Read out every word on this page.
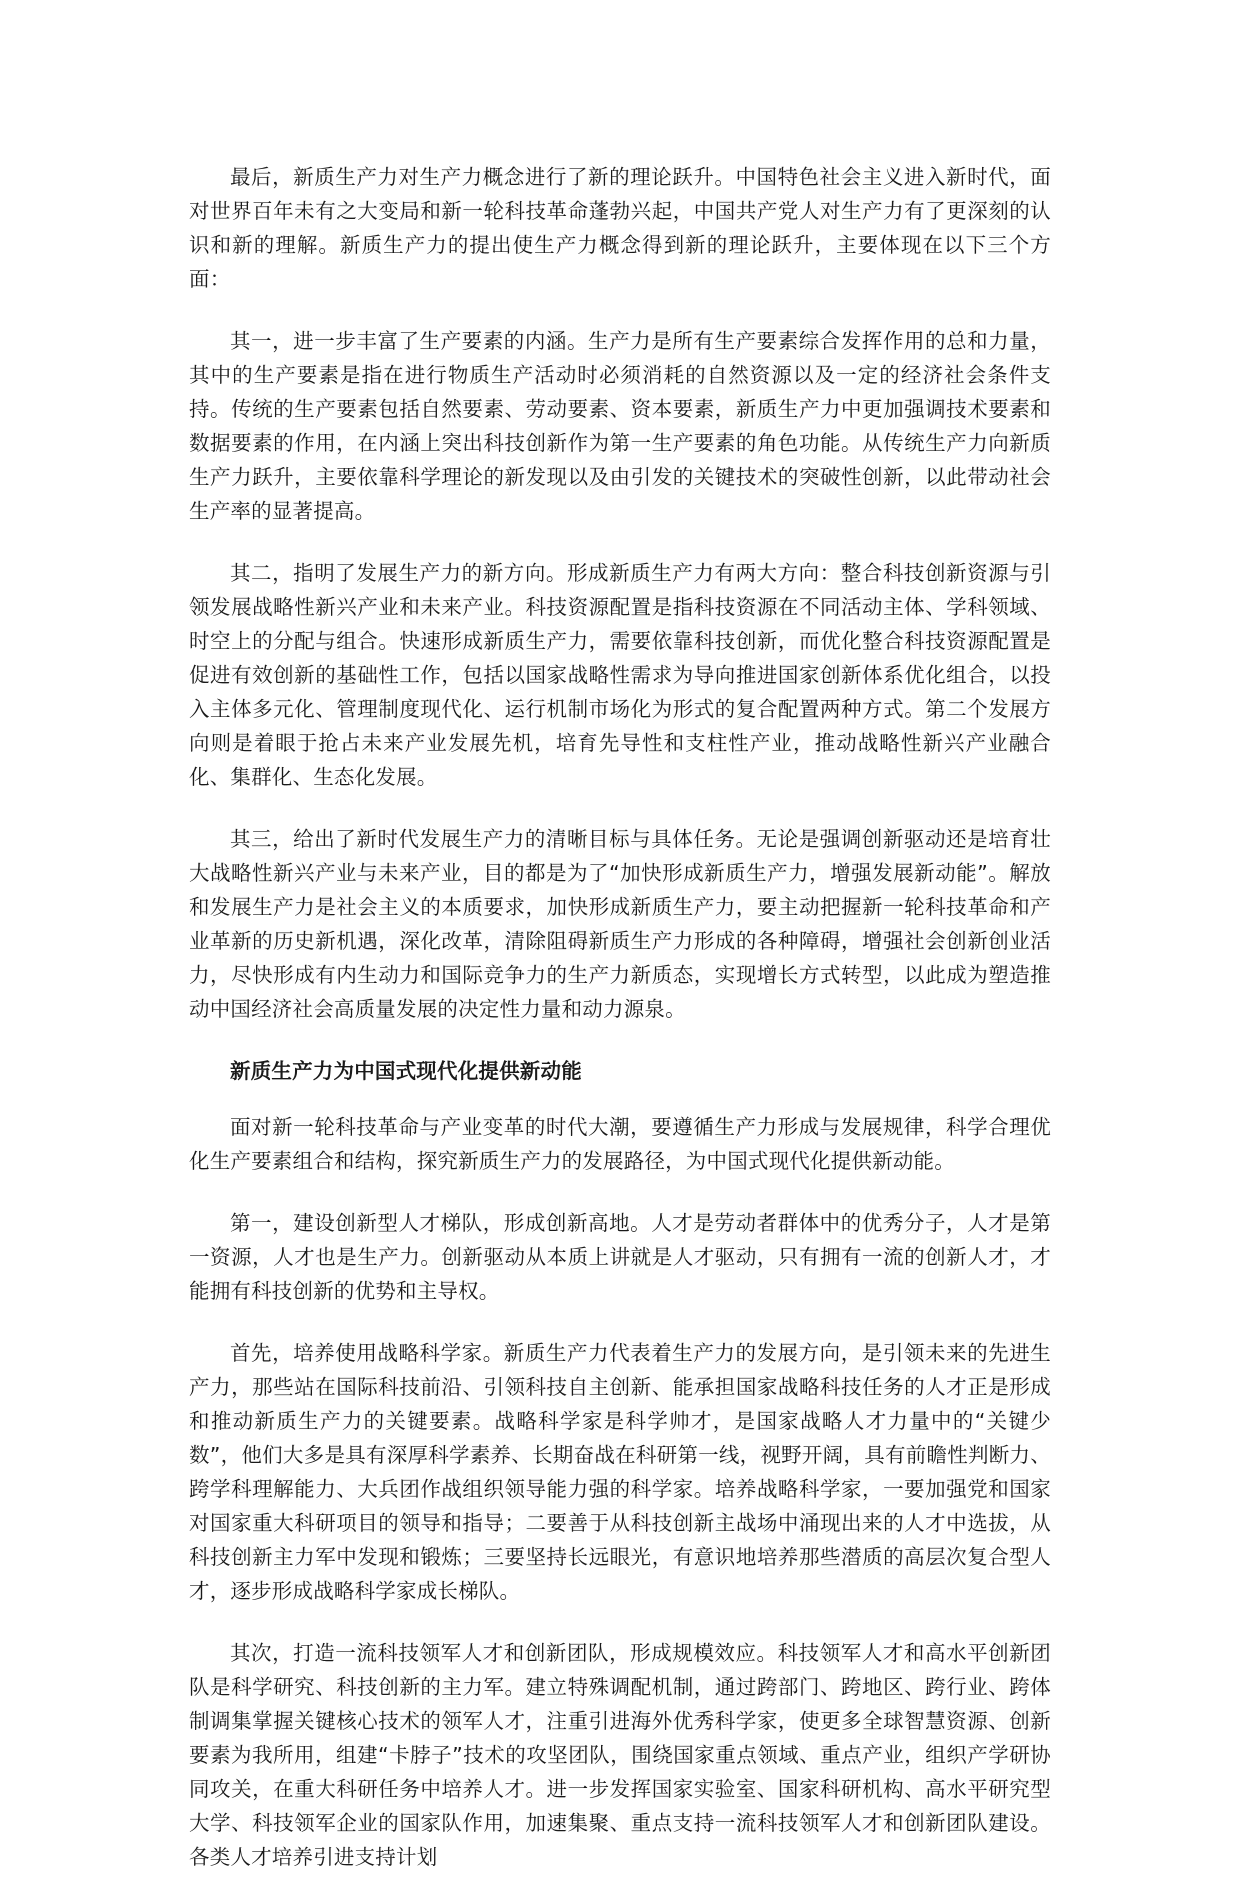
最后，新质生产力对生产力概念进行了新的理论跃升。中国特色社会主义进入新时代，面对世界百年未有之大变局和新一轮科技革命蓬勃兴起，中国共产党人对生产力有了更深刻的认识和新的理解。新质生产力的提出使生产力概念得到新的理论跃升，主要体现在以下三个方面：

其一，进一步丰富了生产要素的内涵。生产力是所有生产要素综合发挥作用的总和力量，其中的生产要素是指在进行物质生产活动时必须消耗的自然资源以及一定的经济社会条件支持。传统的生产要素包括自然要素、劳动要素、资本要素，新质生产力中更加强调技术要素和数据要素的作用，在内涵上突出科技创新作为第一生产要素的角色功能。从传统生产力向新质生产力跃升，主要依靠科学理论的新发现以及由引发的关键技术的突破性创新，以此带动社会生产率的显著提高。

其二，指明了发展生产力的新方向。形成新质生产力有两大方向：整合科技创新资源与引领发展战略性新兴产业和未来产业。科技资源配置是指科技资源在不同活动主体、学科领域、时空上的分配与组合。快速形成新质生产力，需要依靠科技创新，而优化整合科技资源配置是促进有效创新的基础性工作，包括以国家战略性需求为导向推进国家创新体系优化组合，以投入主体多元化、管理制度现代化、运行机制市场化为形式的复合配置两种方式。第二个发展方向则是着眼于抢占未来产业发展先机，培育先导性和支柱性产业，推动战略性新兴产业融合化、集群化、生态化发展。

其三，给出了新时代发展生产力的清晰目标与具体任务。无论是强调创新驱动还是培育壮大战略性新兴产业与未来产业，目的都是为了“加快形成新质生产力，增强发展新动能”。解放和发展生产力是社会主义的本质要求，加快形成新质生产力，要主动把握新一轮科技革命和产业革新的历史新机遇，深化改革，清除阻碍新质生产力形成的各种障碍，增强社会创新创业活力，尽快形成有内生动力和国际竞争力的生产力新质态，实现增长方式转型，以此成为塑造推动中国经济社会高质量发展的决定性力量和动力源泉。

新质生产力为中国式现代化提供新动能

面对新一轮科技革命与产业变革的时代大潮，要遵循生产力形成与发展规律，科学合理优化生产要素组合和结构，探究新质生产力的发展路径，为中国式现代化提供新动能。

第一，建设创新型人才梯队，形成创新高地。人才是劳动者群体中的优秀分子，人才是第一资源，人才也是生产力。创新驱动从本质上讲就是人才驱动，只有拥有一流的创新人才，才能拥有科技创新的优势和主导权。

首先，培养使用战略科学家。新质生产力代表着生产力的发展方向，是引领未来的先进生产力，那些站在国际科技前沿、引领科技自主创新、能承担国家战略科技任务的人才正是形成和推动新质生产力的关键要素。战略科学家是科学帅才，是国家战略人才力量中的“关键少数”，他们大多是具有深厚科学素养、长期奋战在科研第一线，视野开阔，具有前瞻性判断力、跨学科理解能力、大兵团作战组织领导能力强的科学家。培养战略科学家，一要加强党和国家对国家重大科研项目的领导和指导；二要善于从科技创新主战场中涌现出来的人才中选拔，从科技创新主力军中发现和锻炼；三要坚持长远眼光，有意识地培养那些潜质的高层次复合型人才，逐步形成战略科学家成长梯队。

其次，打造一流科技领军人才和创新团队，形成规模效应。科技领军人才和高水平创新团队是科学研究、科技创新的主力军。建立特殊调配机制，通过跨部门、跨地区、跨行业、跨体制调集掌握关键核心技术的领军人才，注重引进海外优秀科学家，使更多全球智慧资源、创新要素为我所用，组建“卡脖子”技术的攻坚团队，围绕国家重点领域、重点产业，组织产学研协同攻关，在重大科研任务中培养人才。进一步发挥国家实验室、国家科研机构、高水平研究型大学、科技领军企业的国家队作用，加速集聚、重点支持一流科技领军人才和创新团队建设。各类人才培养引进支持计划
